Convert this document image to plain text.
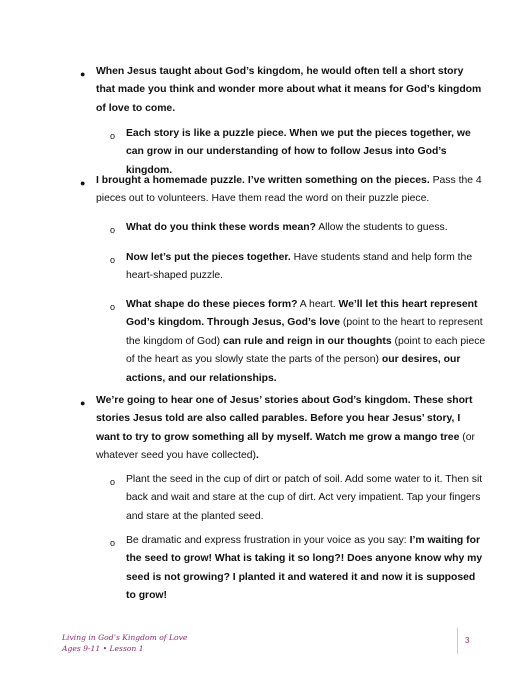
● When Jesus taught about God’s kingdom, he would often tell a short story that made you think and wonder more about what it means for God’s kingdom of love to come.
o Each story is like a puzzle piece. When we put the pieces together, we can grow in our understanding of how to follow Jesus into God’s kingdom.
● I brought a homemade puzzle. I’ve written something on the pieces. Pass the 4 pieces out to volunteers. Have them read the word on their puzzle piece.
o What do you think these words mean? Allow the students to guess.
o Now let’s put the pieces together. Have students stand and help form the heart-shaped puzzle.
o What shape do these pieces form? A heart. We’ll let this heart represent God’s kingdom. Through Jesus, God’s love (point to the heart to represent the kingdom of God) can rule and reign in our thoughts (point to each piece of the heart as you slowly state the parts of the person) our desires, our actions, and our relationships.
● We’re going to hear one of Jesus’ stories about God’s kingdom. These short stories Jesus told are also called parables. Before you hear Jesus’ story, I want to try to grow something all by myself. Watch me grow a mango tree (or whatever seed you have collected).
o Plant the seed in the cup of dirt or patch of soil. Add some water to it. Then sit back and wait and stare at the cup of dirt. Act very impatient. Tap your fingers and stare at the planted seed.
o Be dramatic and express frustration in your voice as you say: I’m waiting for the seed to grow! What is taking it so long?! Does anyone know why my seed is not growing? I planted it and watered it and now it is supposed to grow!
Living in God’s Kingdom of Love
Ages 9-11 • Lesson 1
3
